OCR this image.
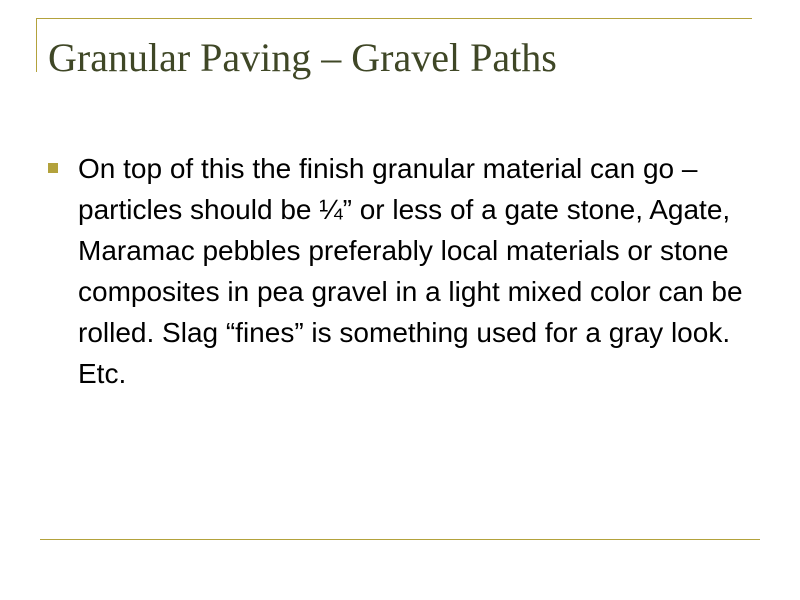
Granular Paving – Gravel Paths

On top of this the finish granular material can go – particles should be ¼” or less of a gate stone, Agate, Maramac pebbles preferably local materials or stone composites in pea gravel in a light mixed color can be rolled. Slag “fines” is something used for a gray look. Etc.
